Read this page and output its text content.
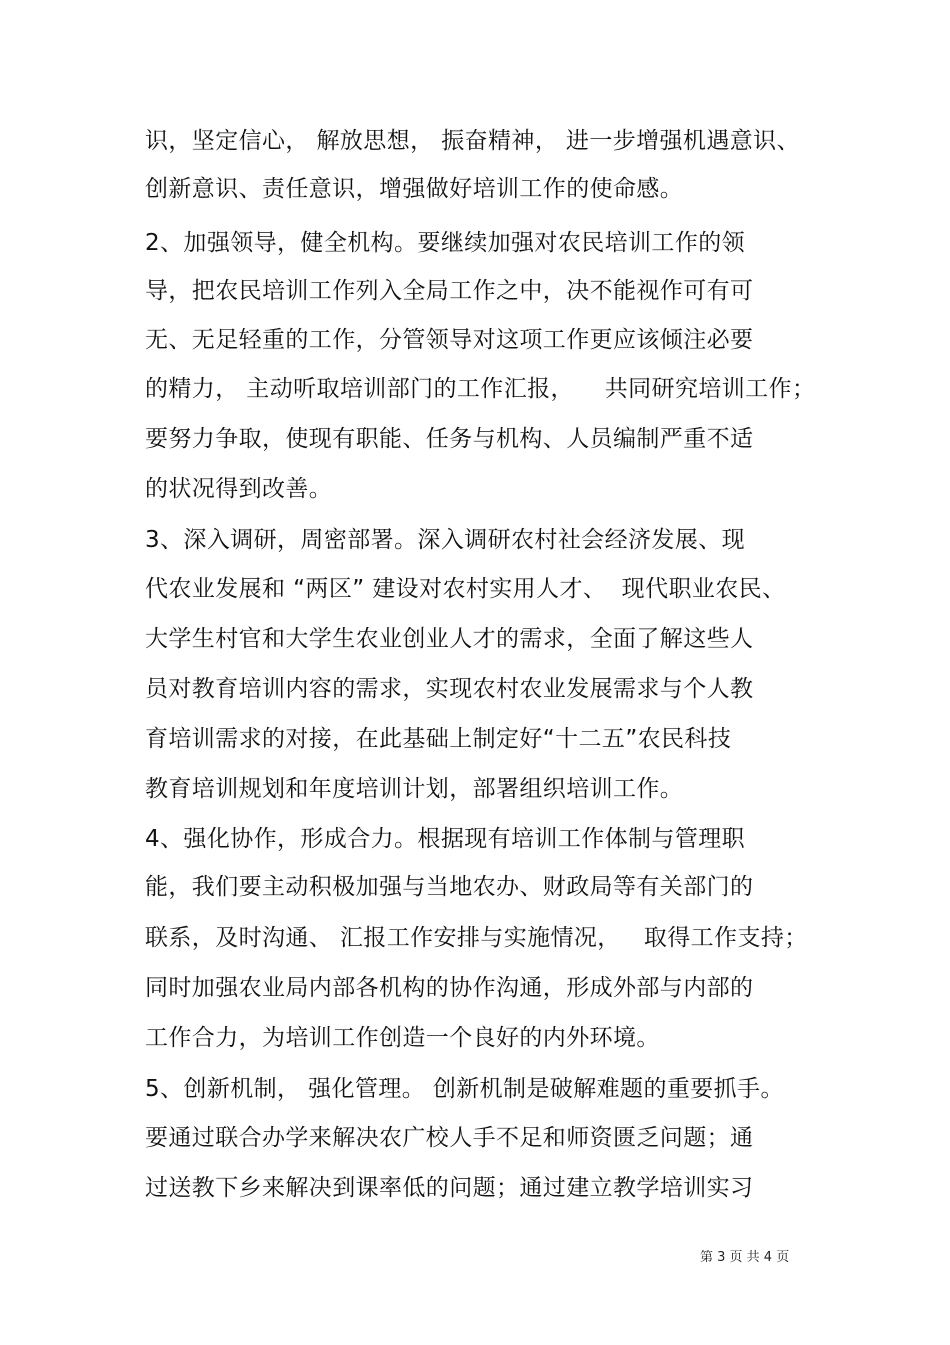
识，坚定信心， 解放思想， 振奋精神， 进一步增强机遇意识、
创新意识、责任意识，增强做好培训工作的使命感。
2、加强领导，健全机构。要继续加强对农民培训工作的领
导，把农民培训工作列入全局工作之中，决不能视作可有可
无、无足轻重的工作，分管领导对这项工作更应该倾注必要
的精力， 主动听取培训部门的工作汇报，    共同研究培训工作；
要努力争取，使现有职能、任务与机构、人员编制严重不适
的状况得到改善。
3、深入调研，周密部署。深入调研农村社会经济发展、现
代农业发展和 “两区” 建设对农村实用人才、  现代职业农民、
大学生村官和大学生农业创业人才的需求，全面了解这些人
员对教育培训内容的需求，实现农村农业发展需求与个人教
育培训需求的对接，在此基础上制定好“十二五”农民科技
教育培训规划和年度培训计划，部署组织培训工作。
4、强化协作，形成合力。根据现有培训工作体制与管理职
能，我们要主动积极加强与当地农办、财政局等有关部门的
联系，及时沟通、 汇报工作安排与实施情况，   取得工作支持；
同时加强农业局内部各机构的协作沟通，形成外部与内部的
工作合力，为培训工作创造一个良好的内外环境。
5、创新机制， 强化管理。 创新机制是破解难题的重要抓手。
要通过联合办学来解决农广校人手不足和师资匮乏问题；通
过送教下乡来解决到课率低的问题；通过建立教学培训实习
第 3 页 共 4 页
